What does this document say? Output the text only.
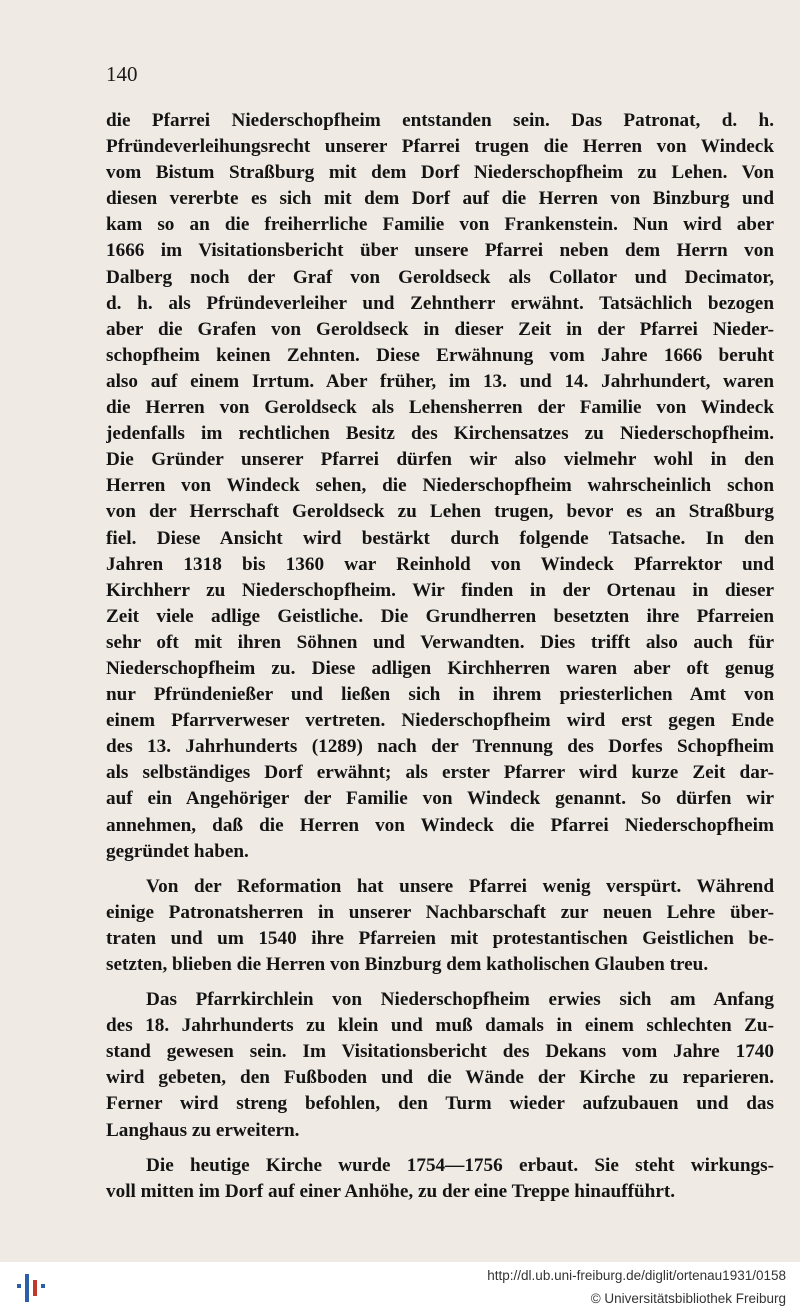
140
die Pfarrei Niederschopfheim entstanden sein. Das Patronat, d. h.
Pfründeverleihungsrecht unserer Pfarrei trugen die Herren von Windeck
vom Bistum Straßburg mit dem Dorf Niederschopfheim zu Lehen. Von
diesen vererbte es sich mit dem Dorf auf die Herren von Binzburg und
kam so an die freiherrliche Familie von Frankenstein. Nun wird aber
1666 im Visitationsbericht über unsere Pfarrei neben dem Herrn von
Dalberg noch der Graf von Geroldseck als Collator und Decimator,
d. h. als Pfründeverleiher und Zehntherr erwähnt. Tatsächlich bezogen
aber die Grafen von Geroldseck in dieser Zeit in der Pfarrei Nieder-
schopfheim keinen Zehnten. Diese Erwähnung vom Jahre 1666 beruht
also auf einem Irrtum. Aber früher, im 13. und 14. Jahrhundert, waren
die Herren von Geroldseck als Lehensherren der Familie von Windeck
jedenfalls im rechtlichen Besitz des Kirchensatzes zu Niederschopfheim.
Die Gründer unserer Pfarrei dürfen wir also vielmehr wohl in den
Herren von Windeck sehen, die Niederschopfheim wahrscheinlich schon
von der Herrschaft Geroldseck zu Lehen trugen, bevor es an Straßburg
fiel. Diese Ansicht wird bestärkt durch folgende Tatsache. In den
Jahren 1318 bis 1360 war Reinhold von Windeck Pfarrektor und
Kirchherr zu Niederschopfheim. Wir finden in der Ortenau in dieser
Zeit viele adlige Geistliche. Die Grundherren besetzten ihre Pfarreien
sehr oft mit ihren Söhnen und Verwandten. Dies trifft also auch für
Niederschopfheim zu. Diese adligen Kirchherren waren aber oft genug
nur Pfründenießer und ließen sich in ihrem priesterlichen Amt von
einem Pfarrverweser vertreten. Niederschopfheim wird erst gegen Ende
des 13. Jahrhunderts (1289) nach der Trennung des Dorfes Schopfheim
als selbständiges Dorf erwähnt; als erster Pfarrer wird kurze Zeit dar-
auf ein Angehöriger der Familie von Windeck genannt. So dürfen wir
annehmen, daß die Herren von Windeck die Pfarrei Niederschopfheim
gegründet haben.
Von der Reformation hat unsere Pfarrei wenig verspürt. Während
einige Patronatsherren in unserer Nachbarschaft zur neuen Lehre über-
traten und um 1540 ihre Pfarreien mit protestantischen Geistlichen be-
setzten, blieben die Herren von Binzburg dem katholischen Glauben treu.
Das Pfarrkirchlein von Niederschopfheim erwies sich am Anfang
des 18. Jahrhunderts zu klein und muß damals in einem schlechten Zu-
stand gewesen sein. Im Visitationsbericht des Dekans vom Jahre 1740
wird gebeten, den Fußboden und die Wände der Kirche zu reparieren.
Ferner wird streng befohlen, den Turm wieder aufzubauen und das
Langhaus zu erweitern.
Die heutige Kirche wurde 1754—1756 erbaut. Sie steht wirkungs-
voll mitten im Dorf auf einer Anhöhe, zu der eine Treppe hinaufführt.
http://dl.ub.uni-freiburg.de/diglit/ortenau1931/0158
© Universitätsbibliothek Freiburg
